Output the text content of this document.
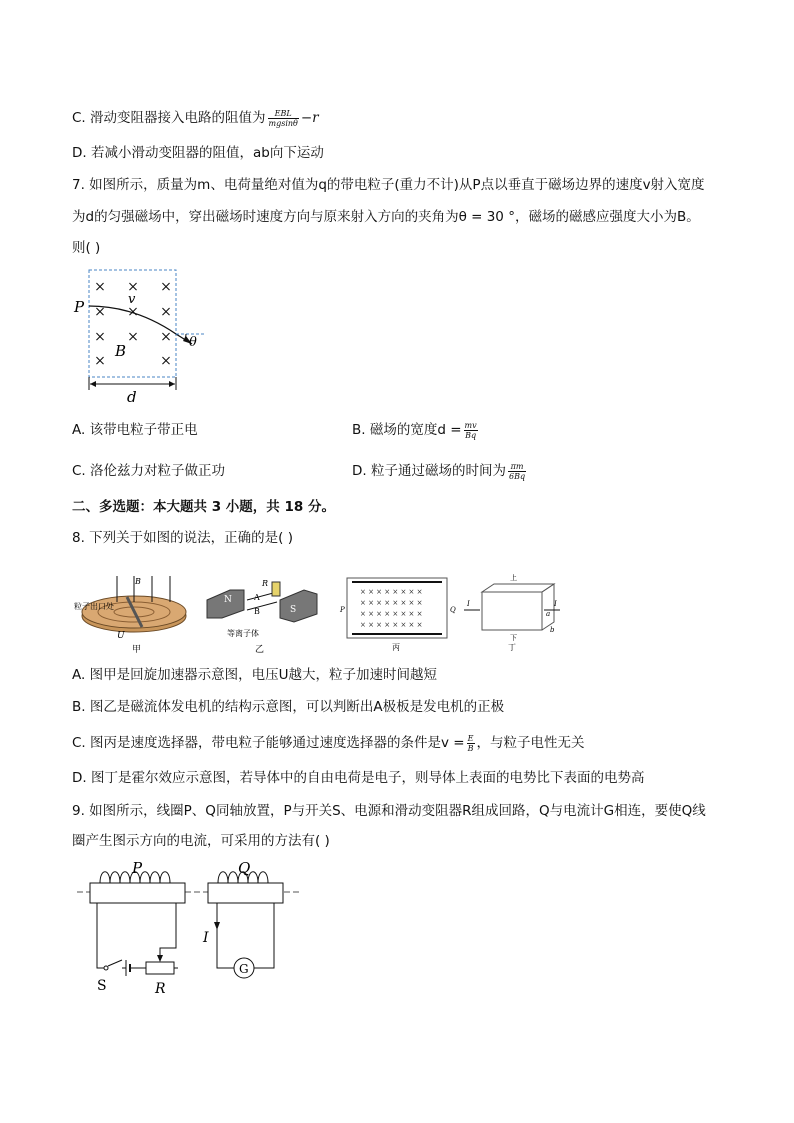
C. 滑动变阻器接入电路的阻值为 $\frac{\text{EBL}}{mgsin\theta} -r$
D. 若减小滑动变阻器的阻值，ab向下运动
7. 如图所示，质量为m、电荷量绝对值为q的带电粒子(重力不计)从P点以垂直于磁场边界的速度v射入宽度
为d的匀强磁场中，穿出磁场时速度方向与原来射入方向的夹角为θ = 30 °，磁场的磁感应强度大小为B。
则( )
× × ×
× × ×
× × ×
×	×
P	v
B	θ
d
A. 该带电粒子带正电	B. 磁场的宽度$d = \frac{mv}{Bq}$
C. 洛伦兹力对粒子做正功	D. 粒子通过磁场的时间为 $\frac{\pi m}{6Bq}$
二、多选题：本大题共 3 小题，共 18 分。
8. 下列关于如图的说法，正确的是( )
B
粒子出口处
U
甲
N
S
R
A
B
等离子体
乙
× × × × × × × ×
× × × × × × × ×
× × × × × × × ×
× × × × × × × ×
P	Q
丙
上
下
I	I
a
b
丁
A. 图甲是回旋加速器示意图，电压U越大，粒子加速时间越短
B. 图乙是磁流体发电机的结构示意图，可以判断出A极板是发电机的正极
C. 图丙是速度选择器，带电粒子能够通过速度选择器的条件是$v = \frac{E}{B}$ ，与粒子电性无关
D. 图丁是霍尔效应示意图，若导体中的自由电荷是电子，则导体上表面的电势比下表面的电势高
9. 如图所示，线圈P、Q同轴放置，P与开关S、电源和滑动变阻器R组成回路，Q与电流计G相连，要使Q线
圈产生图示方向的电流，可采用的方法有( )
P	Q
S	R
I
G
